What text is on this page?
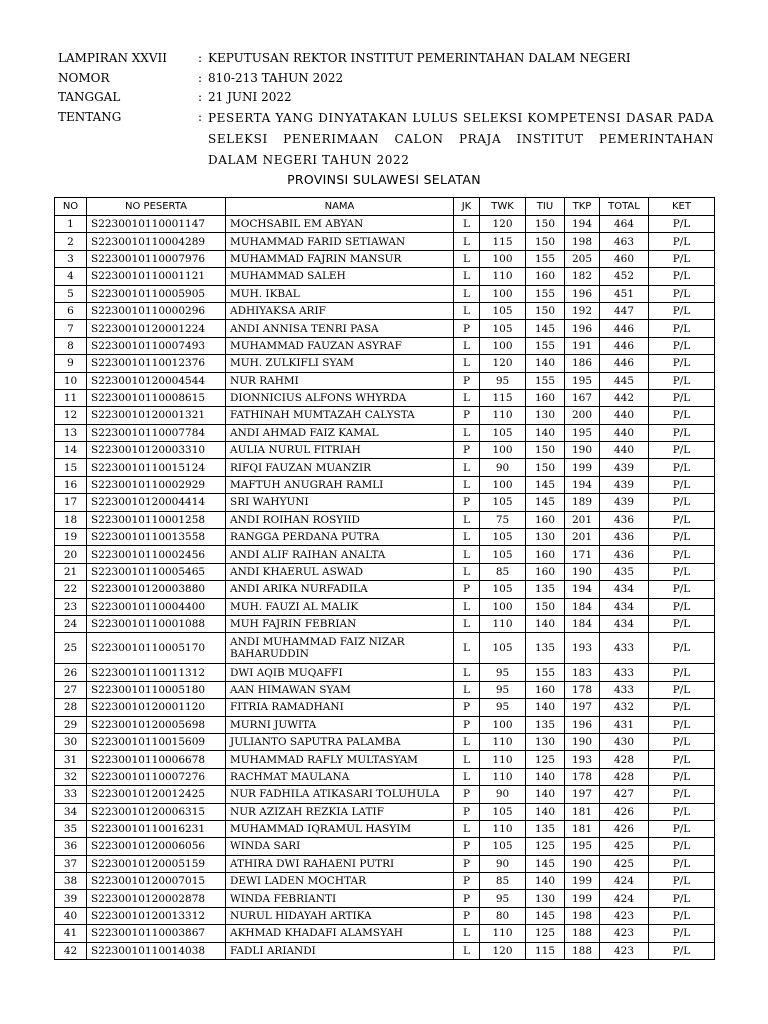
LAMPIRAN XXVII	: KEPUTUSAN REKTOR INSTITUT PEMERINTAHAN DALAM NEGERI
NOMOR	: 810-213 TAHUN 2022
TANGGAL	: 21 JUNI 2022
TENTANG	: PESERTA YANG DINYATAKAN LULUS SELEKSI KOMPETENSI DASAR PADA SELEKSI PENERIMAAN CALON PRAJA INSTITUT PEMERINTAHAN DALAM NEGERI TAHUN 2022
PROVINSI SULAWESI SELATAN
NO	NO PESERTA	NAMA	JK	TWK	TIU	TKP	TOTAL	KET
1	S2230010110001147	MOCHSABIL EM ABYAN	L	120	150	194	464	P/L
2	S2230010110004289	MUHAMMAD FARID SETIAWAN	L	115	150	198	463	P/L
3	S2230010110007976	MUHAMMAD FAJRIN MANSUR	L	100	155	205	460	P/L
4	S2230010110001121	MUHAMMAD SALEH	L	110	160	182	452	P/L
5	S2230010110005905	MUH. IKBAL	L	100	155	196	451	P/L
6	S2230010110000296	ADHIYAKSA ARIF	L	105	150	192	447	P/L
7	S2230010120001224	ANDI ANNISA TENRI PASA	P	105	145	196	446	P/L
8	S2230010110007493	MUHAMMAD FAUZAN ASYRAF	L	100	155	191	446	P/L
9	S2230010110012376	MUH. ZULKIFLI SYAM	L	120	140	186	446	P/L
10	S2230010120004544	NUR RAHMI	P	95	155	195	445	P/L
11	S2230010110008615	DIONNICIUS ALFONS WHYRDA	L	115	160	167	442	P/L
12	S2230010120001321	FATHINAH MUMTAZAH CALYSTA	P	110	130	200	440	P/L
13	S2230010110007784	ANDI AHMAD FAIZ KAMAL	L	105	140	195	440	P/L
14	S2230010120003310	AULIA NURUL FITRIAH	P	100	150	190	440	P/L
15	S2230010110015124	RIFQI FAUZAN MUANZIR	L	90	150	199	439	P/L
16	S2230010110002929	MAFTUH ANUGRAH RAMLI	L	100	145	194	439	P/L
17	S2230010120004414	SRI WAHYUNI	P	105	145	189	439	P/L
18	S2230010110001258	ANDI ROIHAN ROSYIID	L	75	160	201	436	P/L
19	S2230010110013558	RANGGA PERDANA PUTRA	L	105	130	201	436	P/L
20	S2230010110002456	ANDI ALIF RAIHAN ANALTA	L	105	160	171	436	P/L
21	S2230010110005465	ANDI KHAERUL ASWAD	L	85	160	190	435	P/L
22	S2230010120003880	ANDI ARIKA NURFADILA	P	105	135	194	434	P/L
23	S2230010110004400	MUH. FAUZI AL MALIK	L	100	150	184	434	P/L
24	S2230010110001088	MUH FAJRIN FEBRIAN	L	110	140	184	434	P/L
25	S2230010110005170	ANDI MUHAMMAD FAIZ NIZAR BAHARUDDIN	L	105	135	193	433	P/L
26	S2230010110011312	DWI AQIB MUQAFFI	L	95	155	183	433	P/L
27	S2230010110005180	AAN HIMAWAN SYAM	L	95	160	178	433	P/L
28	S2230010120001120	FITRIA RAMADHANI	P	95	140	197	432	P/L
29	S2230010120005698	MURNI JUWITA	P	100	135	196	431	P/L
30	S2230010110015609	JULIANTO SAPUTRA PALAMBA	L	110	130	190	430	P/L
31	S2230010110006678	MUHAMMAD RAFLY MULTASYAM	L	110	125	193	428	P/L
32	S2230010110007276	RACHMAT MAULANA	L	110	140	178	428	P/L
33	S2230010120012425	NUR FADHILA ATIKASARI TOLUHULA	P	90	140	197	427	P/L
34	S2230010120006315	NUR AZIZAH REZKIA LATIF	P	105	140	181	426	P/L
35	S2230010110016231	MUHAMMAD IQRAMUL HASYIM	L	110	135	181	426	P/L
36	S2230010120006056	WINDA SARI	P	105	125	195	425	P/L
37	S2230010120005159	ATHIRA DWI RAHAENI PUTRI	P	90	145	190	425	P/L
38	S2230010120007015	DEWI LADEN MOCHTAR	P	85	140	199	424	P/L
39	S2230010120002878	WINDA FEBRIANTI	P	95	130	199	424	P/L
40	S2230010120013312	NURUL HIDAYAH ARTIKA	P	80	145	198	423	P/L
41	S2230010110003867	AKHMAD KHADAFI ALAMSYAH	L	110	125	188	423	P/L
42	S2230010110014038	FADLI ARIANDI	L	120	115	188	423	P/L
